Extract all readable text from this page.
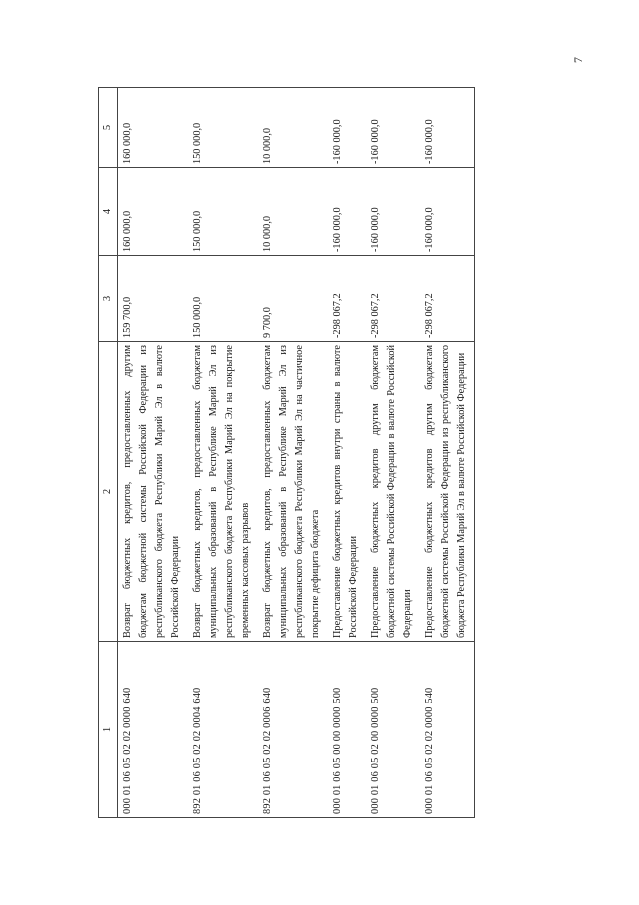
7
1	2	3	4	5
000 01 06 05 02 02 0000 640	Возврат бюджетных кредитов, предоставленных другим бюджетам бюджетной системы Российской Федерации из республиканского бюджета Республики Марий Эл в валюте Российской Федерации	159 700,0	160 000,0	160 000,0
892 01 06 05 02 02 0004 640	Возврат бюджетных кредитов, предоставленных бюджетам муниципальных образований в Республике Марий Эл из республиканского бюджета Республики Марий Эл на покрытие временных кассовых разрывов	150 000,0	150 000,0	150 000,0
892 01 06 05 02 02 0006 640	Возврат бюджетных кредитов, предоставленных бюджетам муниципальных образований в Республике Марий Эл из республиканского бюджета Республики Марий Эл на частичное покрытие дефицита бюджета	9 700,0	10 000,0	10 000,0
000 01 06 05 00 00 0000 500	Предоставление бюджетных кредитов внутри страны в валюте Российской Федерации	-298 067,2	-160 000,0	-160 000,0
000 01 06 05 02 00 0000 500	Предоставление бюджетных кредитов другим бюджетам бюджетной системы Российской Федерации в валюте Российской Федерации	-298 067,2	-160 000,0	-160 000,0
000 01 06 05 02 02 0000 540	Предоставление бюджетных кредитов другим бюджетам бюджетной системы Российской Федерации из республиканского бюджета Республики Марий Эл в валюте Российской Федерации	-298 067,2	-160 000,0	-160 000,0
